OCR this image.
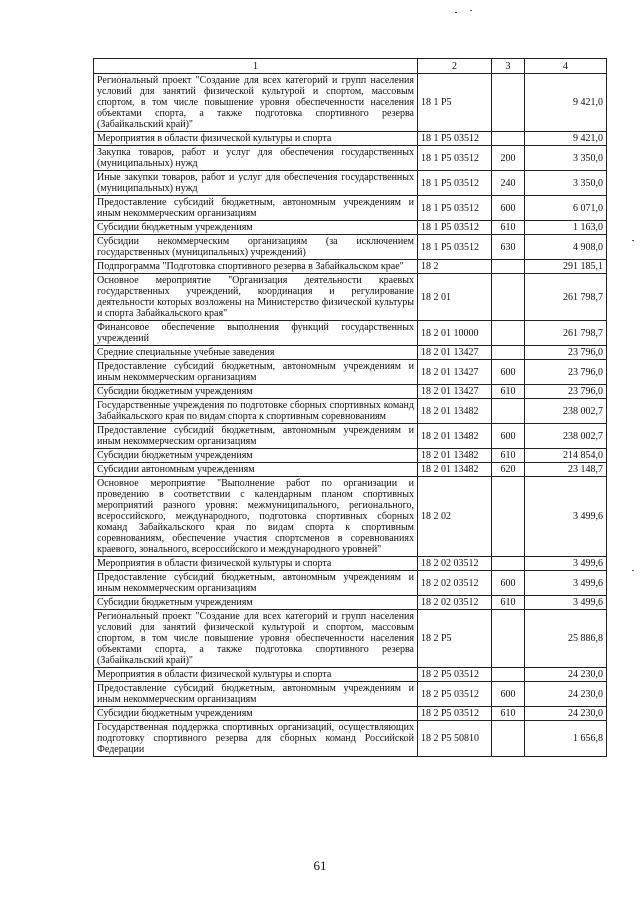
1	2	3	4
Региональный проект "Создание для всех категорий и групп населения условий для занятий физической культурой и спортом, массовым спортом, в том числе повышение уровня обеспеченности населения объектами спорта, а также подготовка спортивного резерва (Забайкальский край)"	18 1 P5		9 421,0
Мероприятия в области физической культуры и спорта	18 1 P5 03512		9 421,0
Закупка товаров, работ и услуг для обеспечения государственных (муниципальных) нужд	18 1 P5 03512	200	3 350,0
Иные закупки товаров, работ и услуг для обеспечения государственных (муниципальных) нужд	18 1 P5 03512	240	3 350,0
Предоставление субсидий бюджетным, автономным учреждениям и иным некоммерческим организациям	18 1 P5 03512	600	6 071,0
Субсидии бюджетным учреждениям	18 1 P5 03512	610	1 163,0
Субсидии некоммерческим организациям (за исключением государственных (муниципальных) учреждений)	18 1 P5 03512	630	4 908,0
Подпрограмма "Подготовка спортивного резерва в Забайкальском крае"	18 2		291 185,1
Основное мероприятие "Организация деятельности краевых государственных учреждений, координация и регулирование деятельности которых возложены на Министерство физической культуры и спорта Забайкальского края"	18 2 01		261 798,7
Финансовое обеспечение выполнения функций государственных учреждений	18 2 01 10000		261 798,7
Средние специальные учебные заведения	18 2 01 13427		23 796,0
Предоставление субсидий бюджетным, автономным учреждениям и иным некоммерческим организациям	18 2 01 13427	600	23 796,0
Субсидии бюджетным учреждениям	18 2 01 13427	610	23 796,0
Государственные учреждения по подготовке сборных спортивных команд Забайкальского края по видам спорта к спортивным соревнованиям	18 2 01 13482		238 002,7
Предоставление субсидий бюджетным, автономным учреждениям и иным некоммерческим организациям	18 2 01 13482	600	238 002,7
Субсидии бюджетным учреждениям	18 2 01 13482	610	214 854,0
Субсидии автономным учреждениям	18 2 01 13482	620	23 148,7
Основное мероприятие "Выполнение работ по организации и проведению в соответствии с календарным планом спортивных мероприятий разного уровня: межмуниципального, регионального, всероссийского, международного, подготовка спортивных сборных команд Забайкальского края по видам спорта к спортивным соревнованиям, обеспечение участия спортсменов в соревнованиях краевого, зонального, всероссийского и международного уровней"	18 2 02		3 499,6
Мероприятия в области физической культуры и спорта	18 2 02 03512		3 499,6
Предоставление субсидий бюджетным, автономным учреждениям и иным некоммерческим организациям	18 2 02 03512	600	3 499,6
Субсидии бюджетным учреждениям	18 2 02 03512	610	3 499,6
Региональный проект "Создание для всех категорий и групп населения условий для занятий физической культурой и спортом, массовым спортом, в том числе повышение уровня обеспеченности населения объектами спорта, а также подготовка спортивного резерва (Забайкальский край)"	18 2 P5		25 886,8
Мероприятия в области физической культуры и спорта	18 2 P5 03512		24 230,0
Предоставление субсидий бюджетным, автономным учреждениям и иным некоммерческим организациям	18 2 P5 03512	600	24 230,0
Субсидии бюджетным учреждениям	18 2 P5 03512	610	24 230,0
Государственная поддержка спортивных организаций, осуществляющих подготовку спортивного резерва для сборных команд Российской Федерации	18 2 P5 50810		1 656,8
61
